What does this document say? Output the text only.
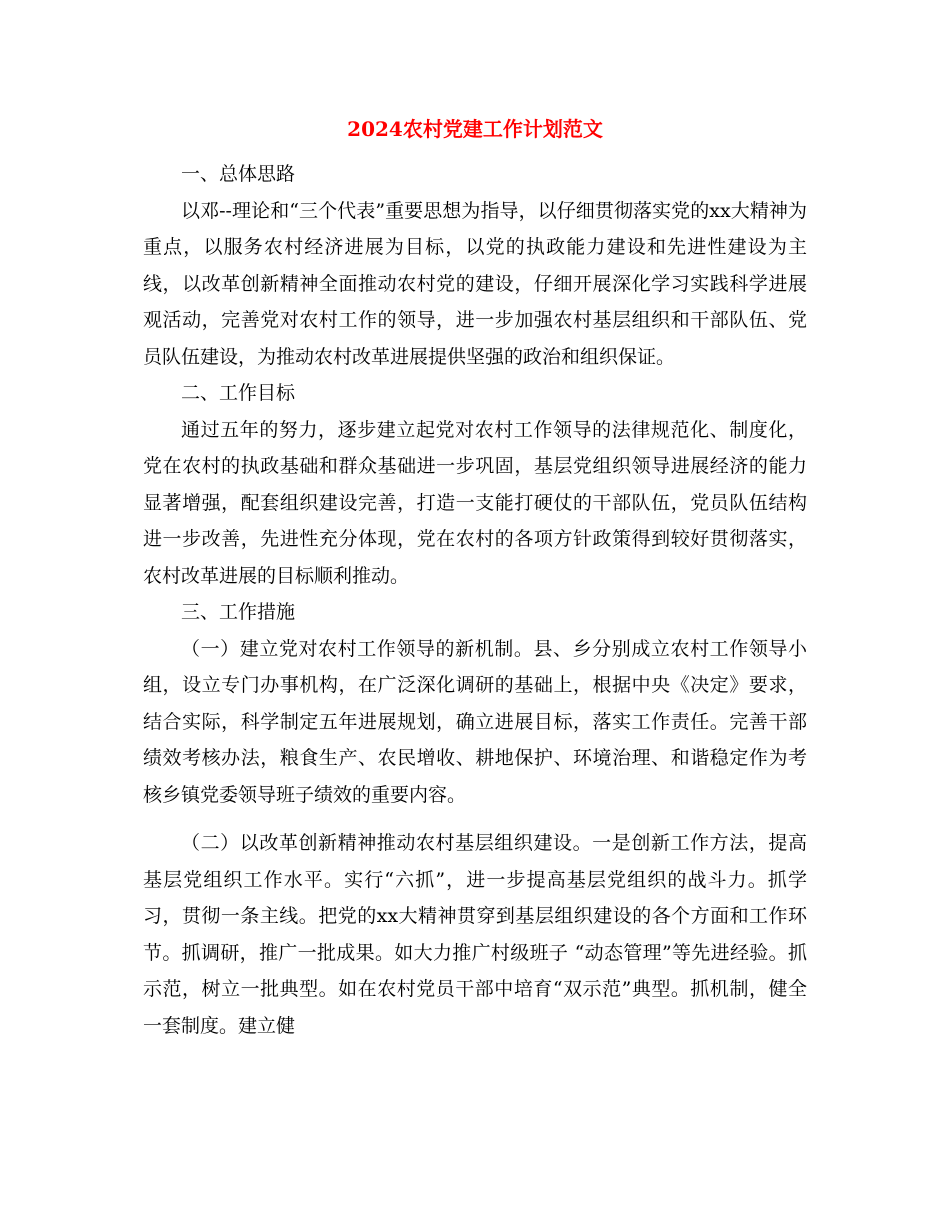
2024农村党建工作计划范文

一、总体思路

以邓--理论和“三个代表”重要思想为指导，以仔细贯彻落实党的xx大精神为重点，以服务农村经济进展为目标，以党的执政能力建设和先进性建设为主线，以改革创新精神全面推动农村党的建设，仔细开展深化学习实践科学进展观活动，完善党对农村工作的领导，进一步加强农村基层组织和干部队伍、党员队伍建设，为推动农村改革进展提供坚强的政治和组织保证。

二、工作目标

通过五年的努力，逐步建立起党对农村工作领导的法律规范化、制度化，党在农村的执政基础和群众基础进一步巩固，基层党组织领导进展经济的能力显著增强，配套组织建设完善，打造一支能打硬仗的干部队伍，党员队伍结构进一步改善，先进性充分体现，党在农村的各项方针政策得到较好贯彻落实，农村改革进展的目标顺利推动。

三、工作措施

（一）建立党对农村工作领导的新机制。县、乡分别成立农村工作领导小组，设立专门办事机构，在广泛深化调研的基础上，根据中央《决定》要求，结合实际，科学制定五年进展规划，确立进展目标，落实工作责任。完善干部绩效考核办法，粮食生产、农民增收、耕地保护、环境治理、和谐稳定作为考核乡镇党委领导班子绩效的重要内容。

（二）以改革创新精神推动农村基层组织建设。一是创新工作方法，提高基层党组织工作水平。实行“六抓”，进一步提高基层党组织的战斗力。抓学习，贯彻一条主线。把党的xx大精神贯穿到基层组织建设的各个方面和工作环节。抓调研，推广一批成果。如大力推广村级班子 “动态管理”等先进经验。抓示范，树立一批典型。如在农村党员干部中培育“双示范”典型。抓机制，健全一套制度。建立健
